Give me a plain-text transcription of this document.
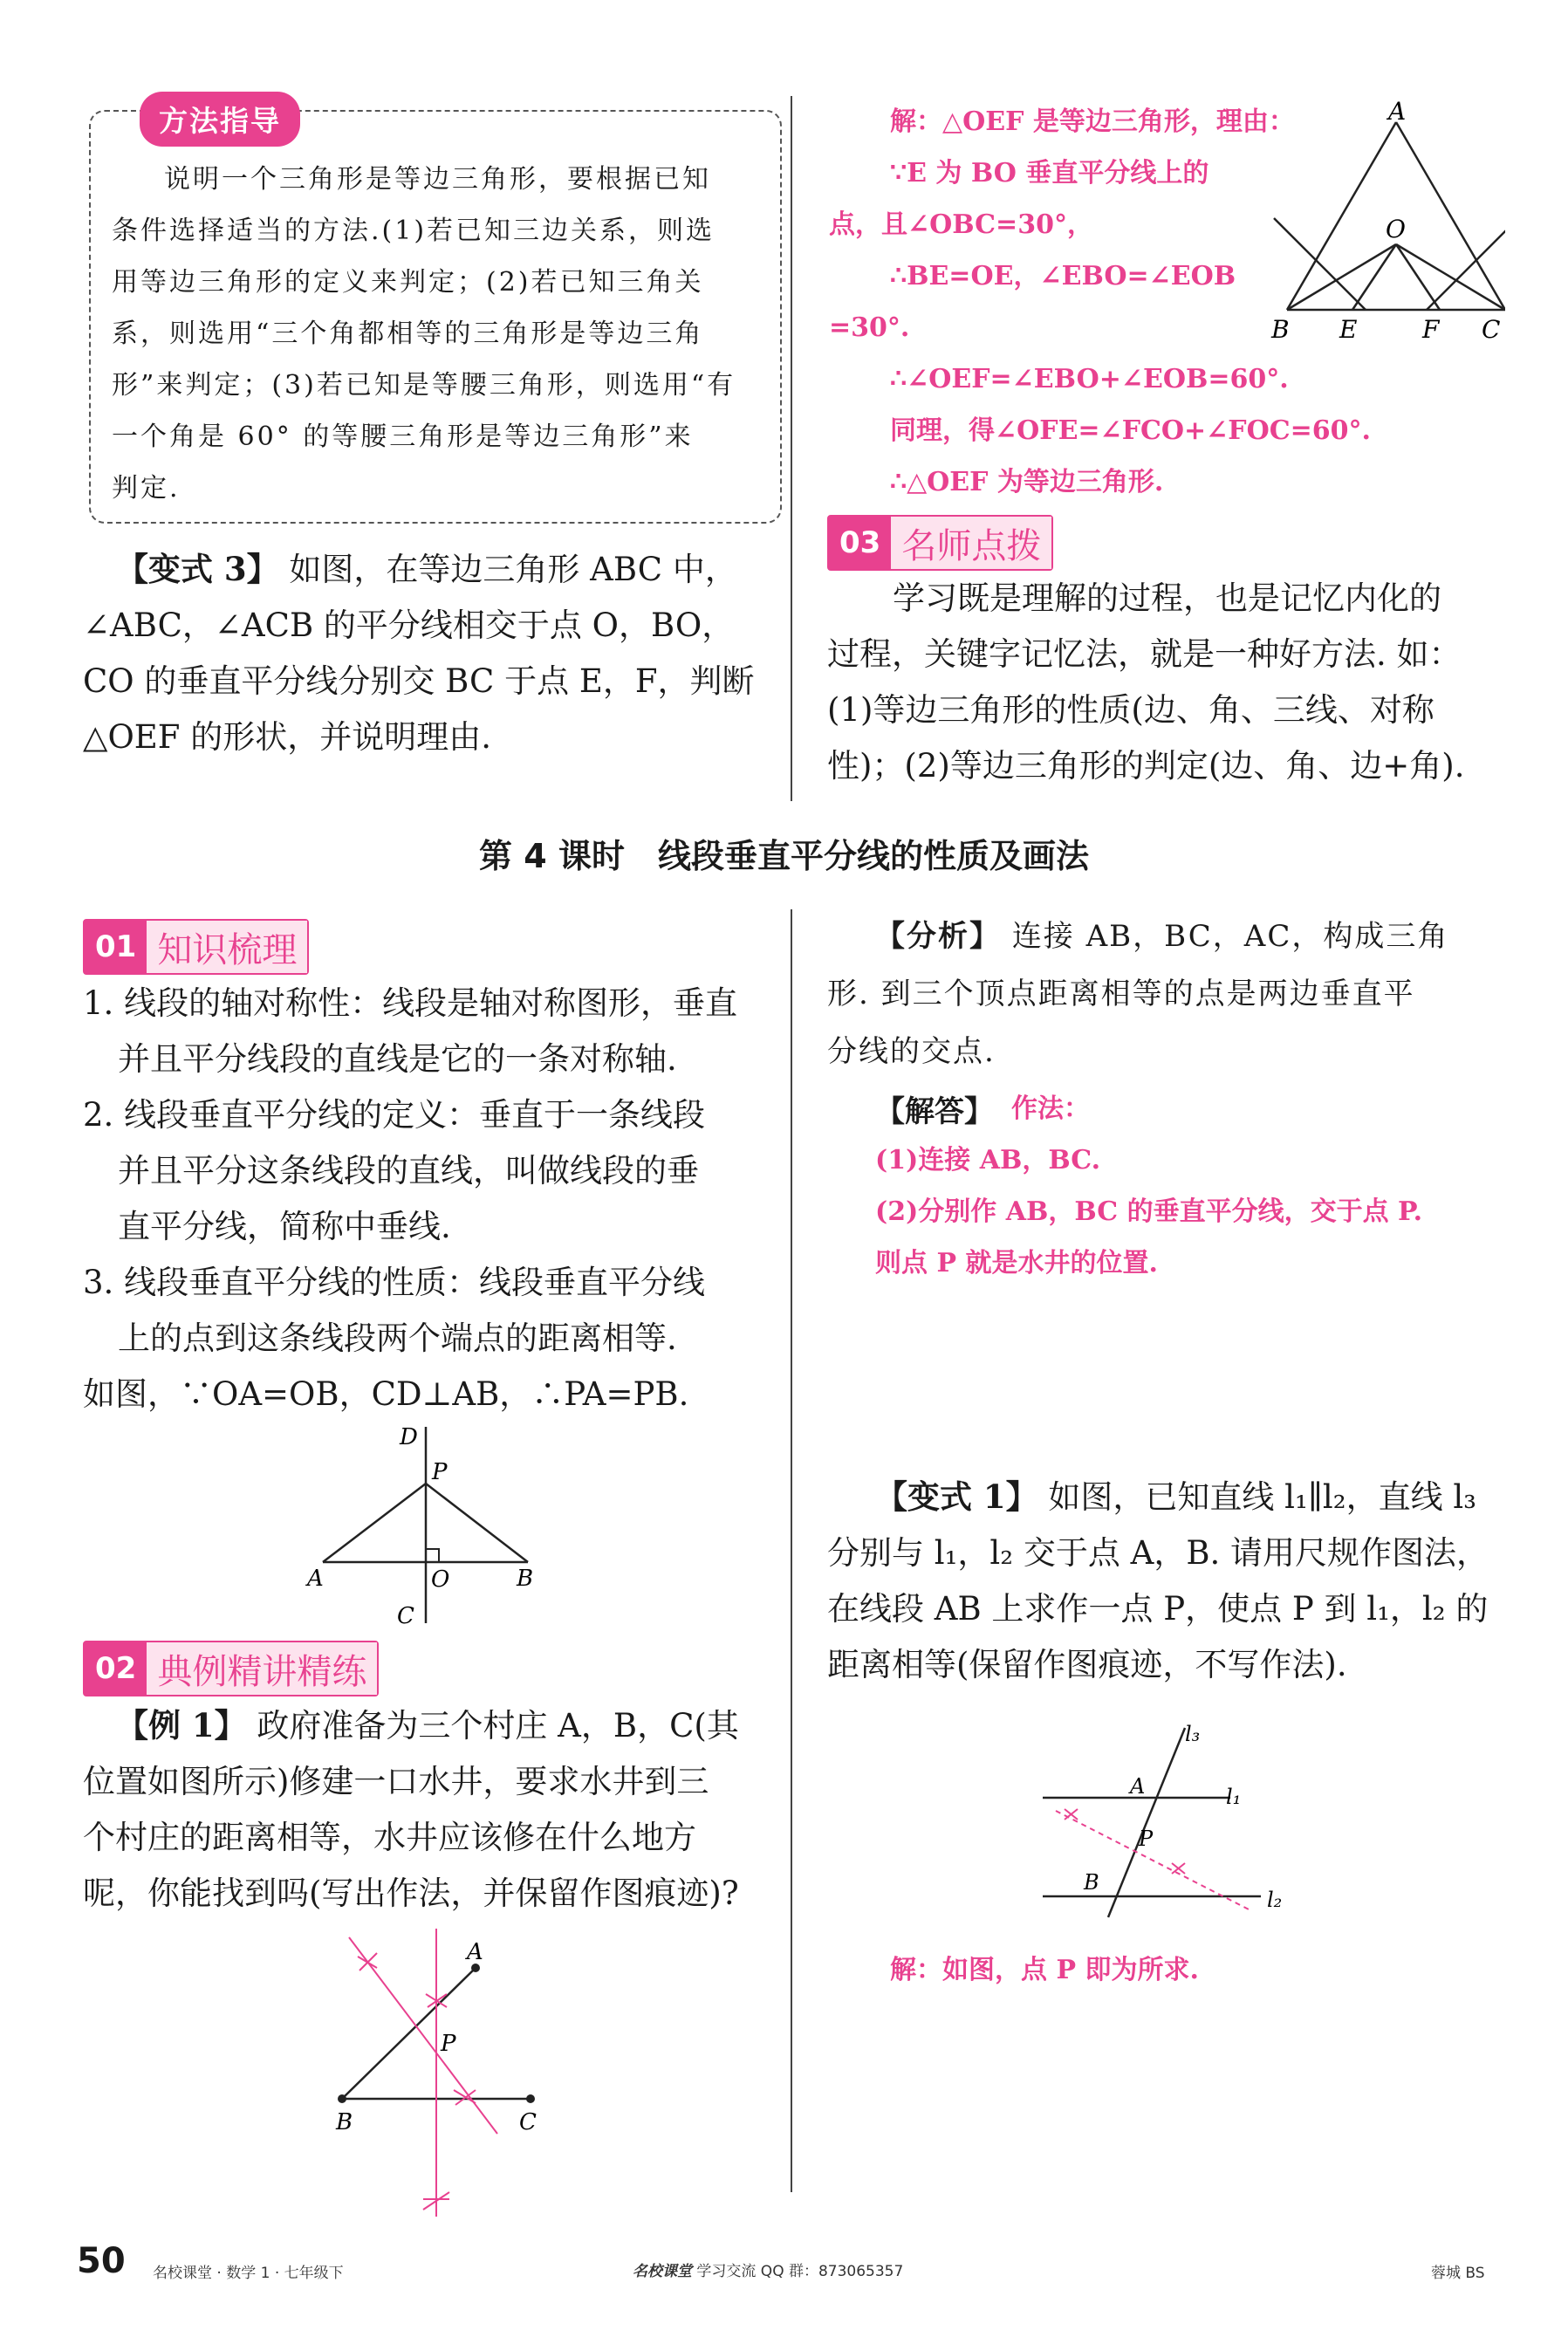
方法指导
说明一个三角形是等边三角形，要根据已知
条件选择适当的方法.(1)若已知三边关系，则选
用等边三角形的定义来判定；(2)若已知三角关
系，则选用“三个角都相等的三角形是等边三角
形”来判定；(3)若已知是等腰三角形，则选用“有
一个角是 60° 的等腰三角形是等边三角形”来
判定.
【变式 3】 如图，在等边三角形 ABC 中，
∠ABC，∠ACB 的平分线相交于点 O，BO，
CO 的垂直平分线分别交 BC 于点 E，F，判断
△OEF 的形状，并说明理由.
解：△OEF 是等边三角形，理由：
∵E 为 BO 垂直平分线上的
点，且∠OBC=30°，
∴BE=OE，∠EBO=∠EOB
=30°.
∴∠OEF=∠EBO+∠EOB=60°.
同理，得∠OFE=∠FCO+∠FOC=60°.
∴△OEF 为等边三角形.
A
O
B E	F C
03 名师点拨
学习既是理解的过程，也是记忆内化的
过程，关键字记忆法，就是一种好方法. 如：
(1)等边三角形的性质(边、角、三线、对称
性)；(2)等边三角形的判定(边、角、边+角).
第 4 课时　线段垂直平分线的性质及画法
01 知识梳理
1. 线段的轴对称性：线段是轴对称图形，垂直
并且平分线段的直线是它的一条对称轴.
2. 线段垂直平分线的定义：垂直于一条线段
并且平分这条线段的直线，叫做线段的垂
直平分线，简称中垂线.
3. 线段垂直平分线的性质：线段垂直平分线
上的点到这条线段两个端点的距离相等.
如图，∵OA=OB，CD⊥AB，∴PA=PB.
D
P
A	O	B
C
02 典例精讲精练
【例 1】 政府准备为三个村庄 A，B，C(其
位置如图所示)修建一口水井，要求水井到三
个村庄的距离相等，水井应该修在什么地方
呢，你能找到吗(写出作法，并保留作图痕迹)?
A
P
B	C
【分析】 连接 AB，BC，AC，构成三角
形. 到三个顶点距离相等的点是两边垂直平
分线的交点.
【解答】 作法：
(1)连接 AB，BC.
(2)分别作 AB，BC 的垂直平分线，交于点 P.
则点 P 就是水井的位置.
【变式 1】 如图，已知直线 l₁∥l₂，直线 l₃
分别与 l₁，l₂ 交于点 A，B. 请用尺规作图法，
在线段 AB 上求作一点 P，使点 P 到 l₁，l₂ 的
距离相等(保留作图痕迹，不写作法).
l₃
A	l₁
P
B
l₂
解：如图，点 P 即为所求.
50 名校课堂 · 数学 1 · 七年级下	名校课堂 学习交流 QQ 群：873065357	蓉城 BS
